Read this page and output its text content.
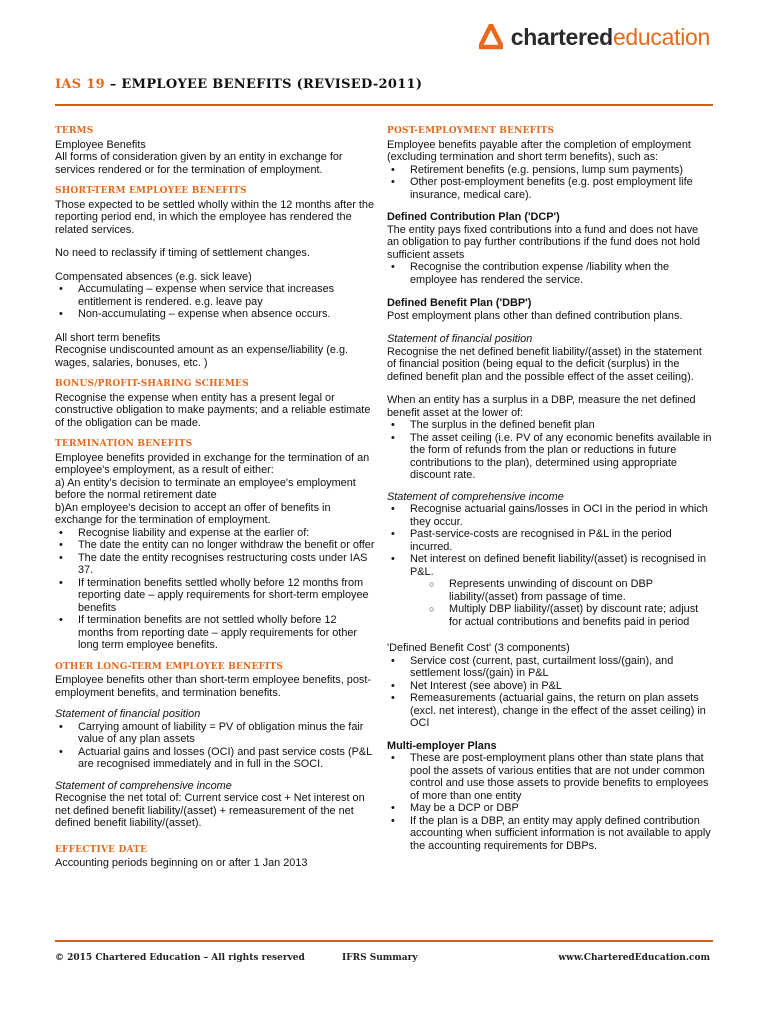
charterededucation
IAS 19 – EMPLOYEE BENEFITS (REVISED-2011)
TERMS

Employee Benefits

All forms of consideration given by an entity in exchange for services rendered or for the termination of employment.

SHORT-TERM EMPLOYEE BENEFITS

Those expected to be settled wholly within the 12 months after the reporting period end, in which the employee has rendered the related services.

No need to reclassify if timing of settlement changes.

Compensated absences (e.g. sick leave)

• Accumulating – expense when service that increases entitlement is rendered. e.g. leave pay
• Non-accumulating – expense when absence occurs.

All short term benefits

Recognise undiscounted amount as an expense/liability (e.g. wages, salaries, bonuses, etc. )

BONUS/PROFIT-SHARING SCHEMES

Recognise the expense when entity has a present legal or constructive obligation to make payments; and a reliable estimate of the obligation can be made.

TERMINATION BENEFITS

Employee benefits provided in exchange for the termination of an employee's employment, as a result of either:

a) An entity's decision to terminate an employee's employment before the normal retirement date

b)An employee's decision to accept an offer of benefits in exchange for the termination of employment.

• Recognise liability and expense at the earlier of:
• The date the entity can no longer withdraw the benefit or offer
• The date the entity recognises restructuring costs under IAS 37.
• If termination benefits settled wholly before 12 months from reporting date – apply requirements for short-term employee benefits
• If termination benefits are not settled wholly before 12 months from reporting date – apply requirements for other long term employee benefits.
OTHER LONG-TERM EMPLOYEE BENEFITS

Employee benefits other than short-term employee benefits, post-employment benefits, and termination benefits.

Statement of financial position

• Carrying amount of liability = PV of obligation minus the fair value of any plan assets
• Actuarial gains and losses (OCI) and past service costs (P&L are recognised immediately and in full in the SOCI.

Statement of comprehensive income

Recognise the net total of: Current service cost + Net interest on net defined benefit liability/(asset) + remeasurement of the net defined benefit liability/(asset).

EFFECTIVE DATE

Accounting periods beginning on or after 1 Jan 2013

POST-EMPLOYMENT BENEFITS

Employee benefits payable after the completion of employment (excluding termination and short term benefits), such as:

• Retirement benefits (e.g. pensions, lump sum payments)
• Other post-employment benefits (e.g. post employment life insurance, medical care).
Defined Contribution Plan ('DCP')

The entity pays fixed contributions into a fund and does not have an obligation to pay further contributions if the fund does not hold sufficient assets

• Recognise the contribution expense /liability when the employee has rendered the service.
Defined Benefit Plan ('DBP')

Post employment plans other than defined contribution plans.

Statement of financial position

Recognise the net defined benefit liability/(asset) in the statement of financial position (being equal to the deficit (surplus) in the defined benefit plan and the possible effect of the asset ceiling).

When an entity has a surplus in a DBP, measure the net defined benefit asset at the lower of:

• The surplus in the defined benefit plan
• The asset ceiling (i.e. PV of any economic benefits available in the form of refunds from the plan or reductions in future contributions to the plan), determined using appropriate discount rate.

Statement of comprehensive income

• Recognise actuarial gains/losses in OCI in the period in which they occur.
• Past-service-costs are recognised in P&L in the period incurred.
• Net interest on defined benefit liability/(asset) is recognised in P&L.
○ Represents unwinding of discount on DBP liability/(asset) from passage of time.
○ Multiply DBP liability/(asset) by discount rate; adjust for actual contributions and benefits paid in period

'Defined Benefit Cost' (3 components)

• Service cost (current, past, curtailment loss/(gain), and settlement loss/(gain) in P&L
• Net Interest (see above) in P&L
• Remeasurements (actuarial gains, the return on plan assets (excl. net interest), change in the effect of the asset ceiling) in OCI
Multi-employer Plans
• These are post-employment plans other than state plans that pool the assets of various entities that are not under common control and use those assets to provide benefits to employees of more than one entity
• May be a DCP or DBP
• If the plan is a DBP, an entity may apply defined contribution accounting when sufficient information is not available to apply the accounting requirements for DBPs.
© 2015 Chartered Education – All rights reserved	IFRS Summary	www.CharteredEducation.com
